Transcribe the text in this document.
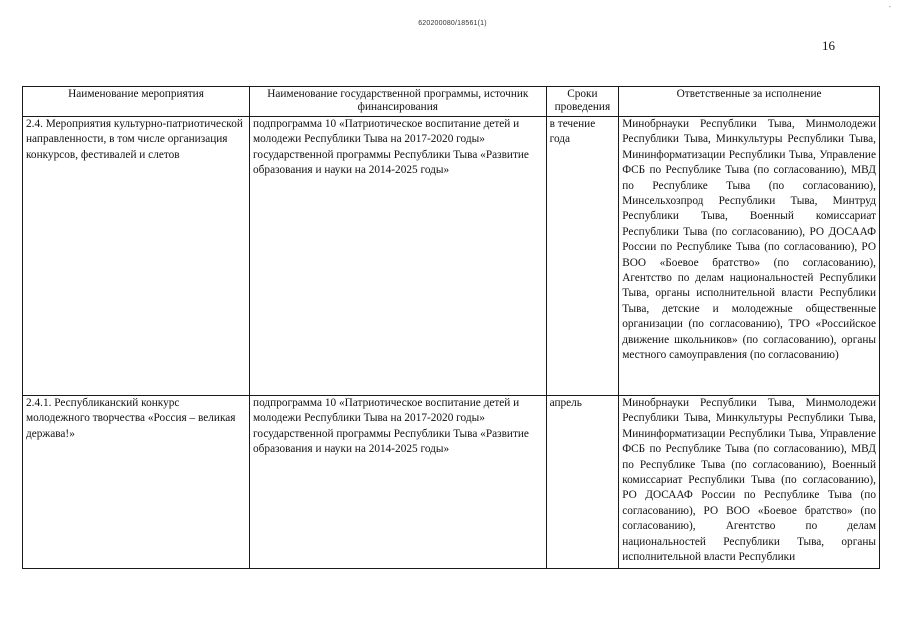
620200080/18561(1)
-
16
Наименование мероприятия	Наименование государственной программы, источник финансирования	Сроки проведения	Ответственные за исполнение
2.4. Мероприятия культурно-патриотической направленности, в том числе организация конкурсов, фестивалей и слетов	подпрограмма 10 «Патриотическое воспитание детей и молодежи Республики Тыва на 2017-2020 годы» государственной программы Республики Тыва «Развитие образования и науки на 2014-2025 годы»	в течение года	Минобрнауки Республики Тыва, Минмолодежи Республики Тыва, Минкультуры Республики Тыва, Мининформатизации Республики Тыва, Управление ФСБ по Республике Тыва (по согласованию), МВД по Республике Тыва (по согласованию), Минсельхозпрод Республики Тыва, Минтруд Республики Тыва, Военный комиссариат Республики Тыва (по согласованию), РО ДОСААФ России по Республике Тыва (по согласованию), РО ВОО «Боевое братство» (по согласованию), Агентство по делам национальностей Республики Тыва, органы исполнительной власти Республики Тыва, детские и молодежные общественные организации (по согласованию), ТРО «Российское движение школьников» (по согласованию), органы местного самоуправления (по согласованию)
2.4.1. Республиканский конкурс молодежного творчества «Россия – великая держава!»	подпрограмма 10 «Патриотическое воспитание детей и молодежи Республики Тыва на 2017-2020 годы» государственной программы Республики Тыва «Развитие образования и науки на 2014-2025 годы»	апрель	Минобрнауки Республики Тыва, Минмолодежи Республики Тыва, Минкультуры Республики Тыва, Мининформатизации Республики Тыва, Управление ФСБ по Республике Тыва (по согласованию), МВД по Республике Тыва (по согласованию), Военный комиссариат Республики Тыва (по согласованию), РО ДОСААФ России по Республике Тыва (по согласованию), РО ВОО «Боевое братство» (по согласованию), Агентство по делам национальностей Республики Тыва, органы исполнительной власти Республики
